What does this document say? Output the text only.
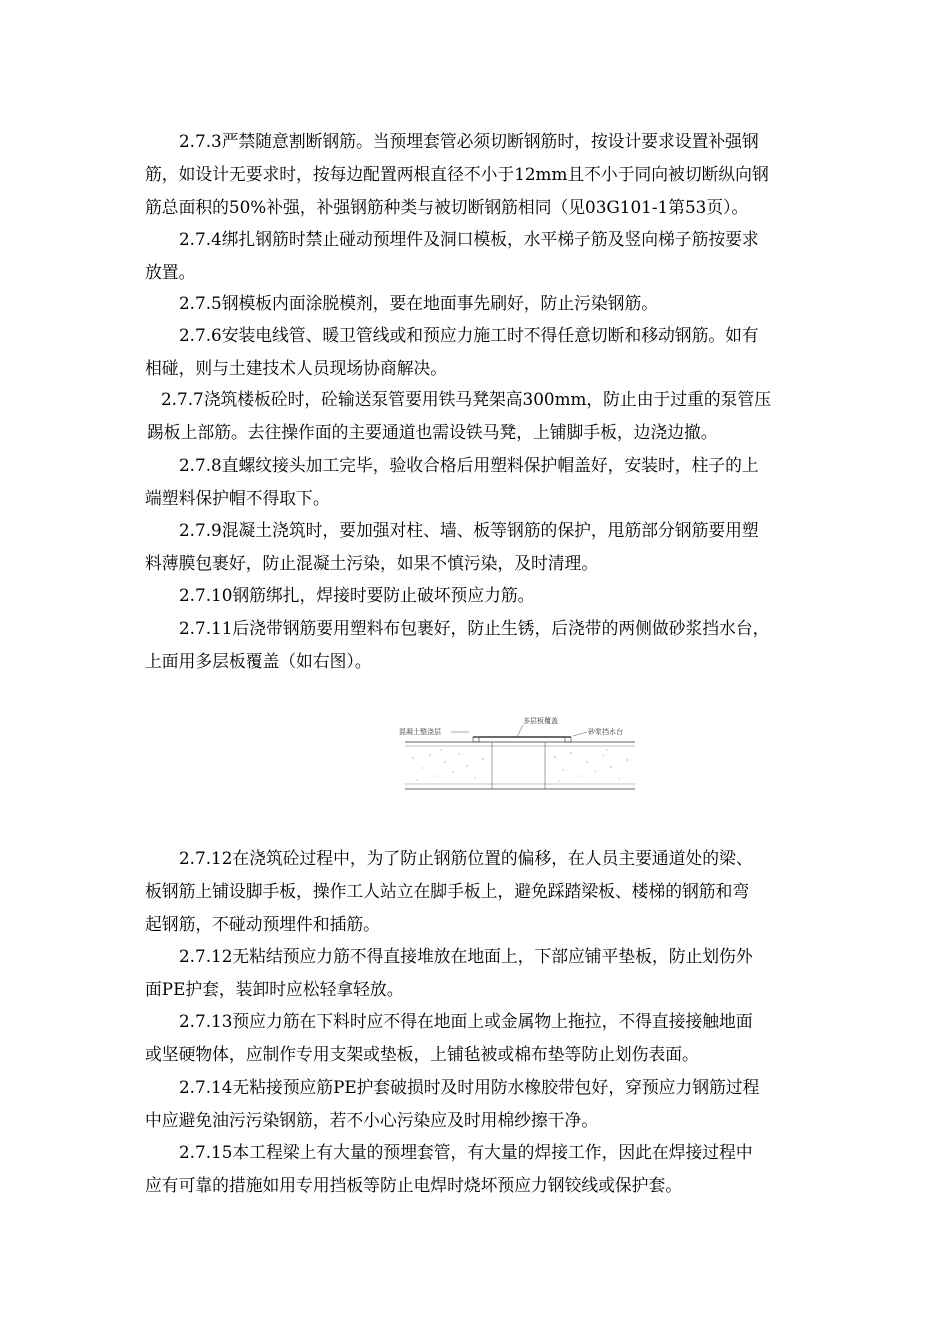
2.7.3严禁随意割断钢筋。当预埋套管必须切断钢筋时，按设计要求设置补强钢
筋，如设计无要求时，按每边配置两根直径不小于12mm且不小于同向被切断纵向钢
筋总面积的50%补强，补强钢筋种类与被切断钢筋相同（见03G101-1第53页）。
2.7.4绑扎钢筋时禁止碰动预埋件及洞口模板，水平梯子筋及竖向梯子筋按要求
放置。
2.7.5钢模板内面涂脱模剂，要在地面事先刷好，防止污染钢筋。
2.7.6安装电线管、暖卫管线或和预应力施工时不得任意切断和移动钢筋。如有
相碰，则与土建技术人员现场协商解决。
2.7.7浇筑楼板砼时，砼输送泵管要用铁马凳架高300mm，防止由于过重的泵管压
踢板上部筋。去往操作面的主要通道也需设铁马凳，上铺脚手板，边浇边撤。
2.7.8直螺纹接头加工完毕，验收合格后用塑料保护帽盖好，安装时，柱子的上
端塑料保护帽不得取下。
2.7.9混凝土浇筑时，要加强对柱、墙、板等钢筋的保护，甩筋部分钢筋要用塑
料薄膜包裹好，防止混凝土污染，如果不慎污染，及时清理。
2.7.10钢筋绑扎，焊接时要防止破坏预应力筋。
2.7.11后浇带钢筋要用塑料布包裹好，防止生锈，后浇带的两侧做砂浆挡水台，
上面用多层板覆盖（如右图）。
混凝土整浇层
多层板覆盖
砂浆挡水台
2.7.12在浇筑砼过程中，为了防止钢筋位置的偏移，在人员主要通道处的梁、
板钢筋上铺设脚手板，操作工人站立在脚手板上，避免踩踏梁板、楼梯的钢筋和弯
起钢筋，不碰动预埋件和插筋。
2.7.12无粘结预应力筋不得直接堆放在地面上，下部应铺平垫板，防止划伤外
面PE护套，装卸时应松轻拿轻放。
2.7.13预应力筋在下料时应不得在地面上或金属物上拖拉，不得直接接触地面
或坚硬物体，应制作专用支架或垫板，上铺毡被或棉布垫等防止划伤表面。
2.7.14无粘接预应筋PE护套破损时及时用防水橡胶带包好，穿预应力钢筋过程
中应避免油污污染钢筋，若不小心污染应及时用棉纱擦干净。
2.7.15本工程梁上有大量的预埋套管，有大量的焊接工作，因此在焊接过程中
应有可靠的措施如用专用挡板等防止电焊时烧坏预应力钢铰线或保护套。
